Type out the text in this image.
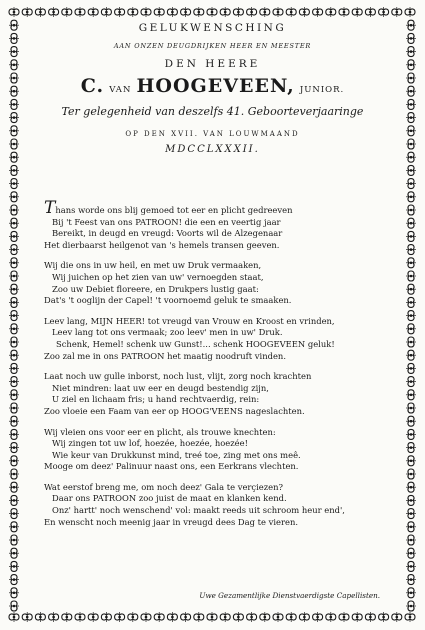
GELUKWENSCHING
AAN ONZEN DEUGDRIJKEN HEER EN MEESTER
DEN HEERE
C. VAN HOOGEVEEN, JUNIOR.
Ter gelegenheid van deszelfs 41. Geboorteverjaaringe
OP DEN XVII. VAN LOUWMAAND
MDCCLXXXII.
Thans worde ons blij gemoed tot eer en plicht gedreeven
Bij 't Feest van ons PATROON! die een en veertig jaar
Bereikt, in deugd en vreugd: Voorts wil de Alzegenaar
Het dierbaarst heilgenot van 's hemels transen geeven.
Wij die ons in uw heil, en met uw Druk vermaaken,
Wij juichen op het zien van uw' vernoegden staat,
Zoo uw Debiet floreere, en Drukpers lustig gaat:
Dat's 't ooglijn der Capel! 't voornoemd geluk te smaaken.
Leev lang, MIJN HEER! tot vreugd van Vrouw en Kroost en vrinden,
Leev lang tot ons vermaak; zoo leev' men in uw' Druk.
Schenk, Hemel! schenk uw Gunst!... schenk HOOGEVEEN geluk!
Zoo zal me in ons PATROON het maatig noodruft vinden.
Laat noch uw gulle inborst, noch lust, vlijt, zorg noch krachten
Niet mindren: laat uw eer en deugd bestendig zijn,
U ziel en lichaam fris; u hand rechtvaerdig, rein:
Zoo vloeie een Faam van eer op HOOG'VEENS nageslachten.
Wij vleien ons voor eer en plicht, als trouwe knechten:
Wij zingen tot uw lof, hoezée, hoezée, hoezée!
Wie keur van Drukkunst mind, treé toe, zing met ons meê.
Mooge om deez' Palinuur naast ons, een Eerkrans vlechten.
Wat eerstof breng me, om noch deez' Gala te verçiezen?
Daar ons PATROON zoo juist de maat en klanken kend.
Onz' hartt' noch wenschend' vol: maakt reeds uit schroom heur end',
En wenscht noch meenig jaar in vreugd dees Dag te vieren.
Uwe Gezamentlijke Dienstvaerdigste Capellisten.
